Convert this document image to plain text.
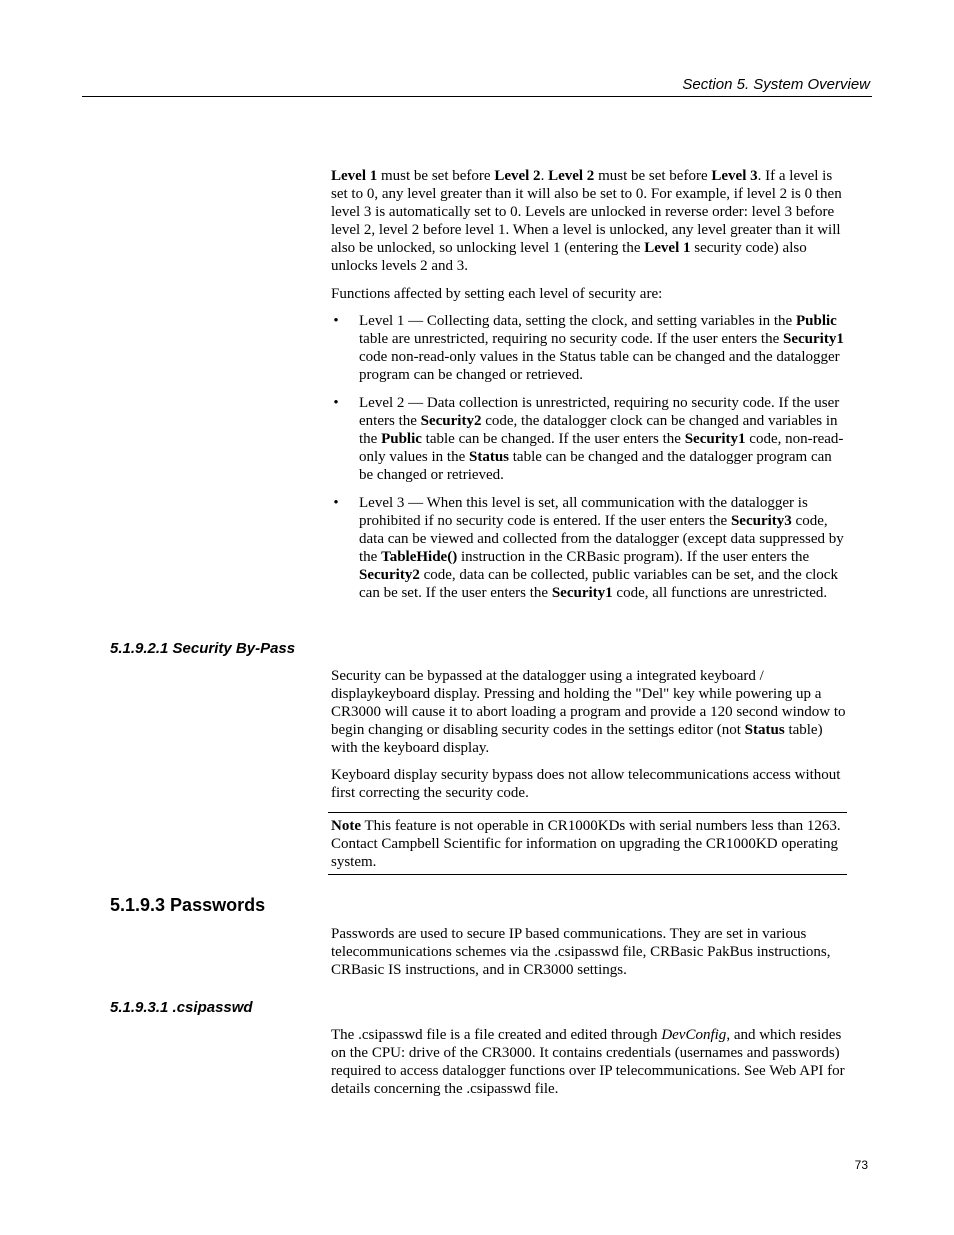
Section 5. System Overview

Level 1 must be set before Level 2. Level 2 must be set before Level 3. If a level is set to 0, any level greater than it will also be set to 0. For example, if level 2 is 0 then level 3 is automatically set to 0. Levels are unlocked in reverse order: level 3 before level 2, level 2 before level 1. When a level is unlocked, any level greater than it will also be unlocked, so unlocking level 1 (entering the Level 1 security code) also unlocks levels 2 and 3.

Functions affected by setting each level of security are:

• Level 1 — Collecting data, setting the clock, and setting variables in the Public table are unrestricted, requiring no security code. If the user enters the Security1 code non-read-only values in the Status table can be changed and the datalogger program can be changed or retrieved.
• Level 2 — Data collection is unrestricted, requiring no security code. If the user enters the Security2 code, the datalogger clock can be changed and variables in the Public table can be changed. If the user enters the Security1 code, non-read-only values in the Status table can be changed and the datalogger program can be changed or retrieved.
• Level 3 — When this level is set, all communication with the datalogger is prohibited if no security code is entered. If the user enters the Security3 code, data can be viewed and collected from the datalogger (except data suppressed by the TableHide() instruction in the CRBasic program). If the user enters the Security2 code, data can be collected, public variables can be set, and the clock can be set. If the user enters the Security1 code, all functions are unrestricted.
5.1.9.2.1 Security By-Pass

Security can be bypassed at the datalogger using a integrated keyboard / displaykeyboard display. Pressing and holding the "Del" key while powering up a CR3000 will cause it to abort loading a program and provide a 120 second window to begin changing or disabling security codes in the settings editor (not Status table) with the keyboard display.

Keyboard display security bypass does not allow telecommunications access without first correcting the security code.

Note This feature is not operable in CR1000KDs with serial numbers less than 1263. Contact Campbell Scientific for information on upgrading the CR1000KD operating system.
5.1.9.3 Passwords

Passwords are used to secure IP based communications. They are set in various telecommunications schemes via the .csipasswd file, CRBasic PakBus instructions, CRBasic IS instructions, and in CR3000 settings.

5.1.9.3.1 .csipasswd

The .csipasswd file is a file created and edited through DevConfig, and which resides on the CPU: drive of the CR3000. It contains credentials (usernames and passwords) required to access datalogger functions over IP telecommunications. See Web API for details concerning the .csipasswd file.

73
